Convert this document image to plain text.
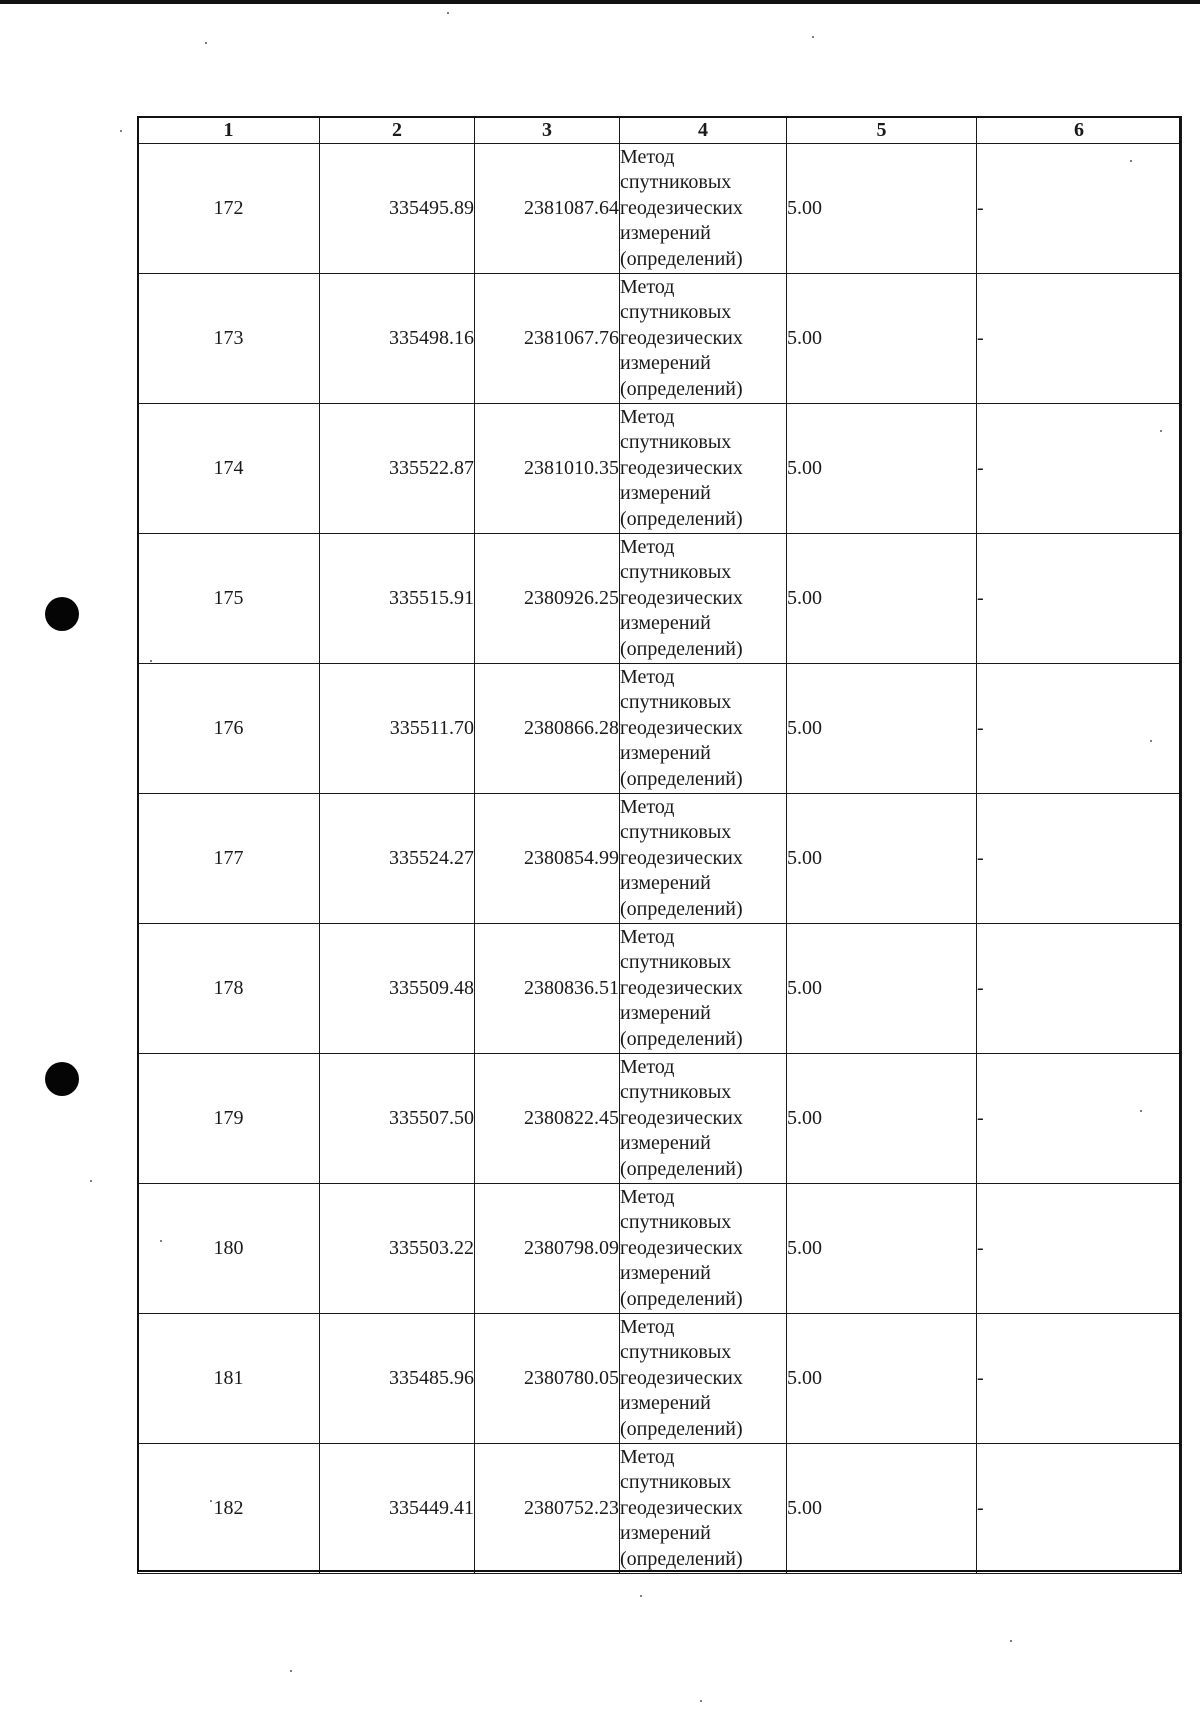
1	2	3	4	5	6
172	335495.89	2381087.64	Метод
спутниковых
геодезических
измерений
(определений)	5.00	-
173	335498.16	2381067.76	Метод
спутниковых
геодезических
измерений
(определений)	5.00	-
174	335522.87	2381010.35	Метод
спутниковых
геодезических
измерений
(определений)	5.00	-
175	335515.91	2380926.25	Метод
спутниковых
геодезических
измерений
(определений)	5.00	-
176	335511.70	2380866.28	Метод
спутниковых
геодезических
измерений
(определений)	5.00	-
177	335524.27	2380854.99	Метод
спутниковых
геодезических
измерений
(определений)	5.00	-
178	335509.48	2380836.51	Метод
спутниковых
геодезических
измерений
(определений)	5.00	-
179	335507.50	2380822.45	Метод
спутниковых
геодезических
измерений
(определений)	5.00	-
180	335503.22	2380798.09	Метод
спутниковых
геодезических
измерений
(определений)	5.00	-
181	335485.96	2380780.05	Метод
спутниковых
геодезических
измерений
(определений)	5.00	-
182	335449.41	2380752.23	Метод
спутниковых
геодезических
измерений
(определений)	5.00	-
